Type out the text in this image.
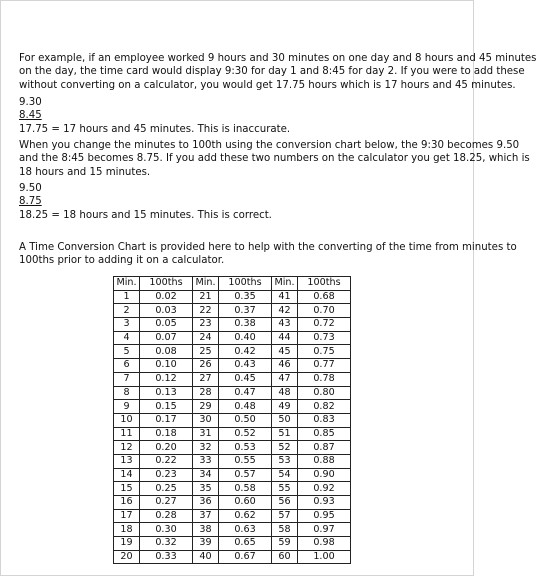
For example, if an employee worked 9 hours and 30 minutes on one day and 8 hours and 45 minutes
on the day, the time card would display 9:30 for day 1 and 8:45 for day 2. If you were to add these
without converting on a calculator, you would get 17.75 hours which is 17 hours and 45 minutes.

9.30
8.45
17.75 = 17 hours and 45 minutes. This is inaccurate.

When you change the minutes to 100th using the conversion chart below, the 9:30 becomes 9.50
and the 8:45 becomes 8.75. If you add these two numbers on the calculator you get 18.25, which is
18 hours and 15 minutes.

9.50
8.75
18.25 = 18 hours and 15 minutes. This is correct.

A Time Conversion Chart is provided here to help with the converting of the time from minutes to
100ths prior to adding it on a calculator.

Min.	100ths	Min.	100ths	Min.	100ths
1	0.02	21	0.35	41	0.68
2	0.03	22	0.37	42	0.70
3	0.05	23	0.38	43	0.72
4	0.07	24	0.40	44	0.73
5	0.08	25	0.42	45	0.75
6	0.10	26	0.43	46	0.77
7	0.12	27	0.45	47	0.78
8	0.13	28	0.47	48	0.80
9	0.15	29	0.48	49	0.82
10	0.17	30	0.50	50	0.83
11	0.18	31	0.52	51	0.85
12	0.20	32	0.53	52	0.87
13	0.22	33	0.55	53	0.88
14	0.23	34	0.57	54	0.90
15	0.25	35	0.58	55	0.92
16	0.27	36	0.60	56	0.93
17	0.28	37	0.62	57	0.95
18	0.30	38	0.63	58	0.97
19	0.32	39	0.65	59	0.98
20	0.33	40	0.67	60	1.00
